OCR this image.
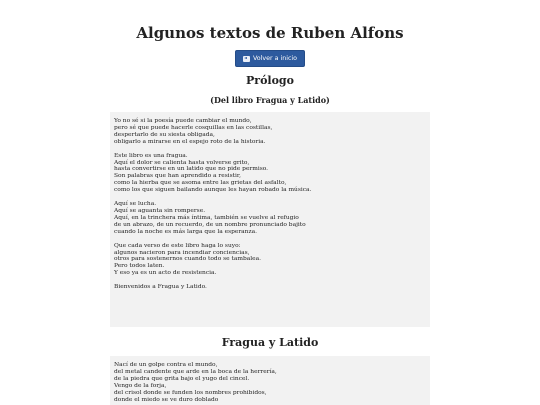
Algunos textos de Ruben Alfons
Volver a inicio
Prólogo
(Del libro Fragua y Latido)

Yo no sé si la poesía puede cambiar el mundo,
pero sé que puede hacerle cosquillas en las costillas,
despertarlo de su siesta obligada,
obligarlo a mirarse en el espejo roto de la historia.

Este libro es una fragua.
Aquí el dolor se calienta hasta volverse grito,
hasta convertirse en un latido que no pide permiso.
Son palabras que han aprendido a resistir,
como la hierba que se asoma entre las grietas del asfalto,
como los que siguen bailando aunque les hayan robado la música.

Aquí se lucha.
Aquí se aguanta sin romperse.
Aquí, en la trinchera más íntima, también se vuelve al refugio
de un abrazo, de un recuerdo, de un nombre pronunciado bajito
cuando la noche es más larga que la esperanza.

Que cada verso de este libro haga lo suyo:
algunos nacieron para incendiar conciencias,
otros para sostenernos cuando todo se tambalea.
Pero todos laten.
Y eso ya es un acto de resistencia.

Bienvenidos a Fragua y Latido.

Fragua y Latido

Nací de un golpe contra el mundo,
del metal candente que arde en la boca de la herrería,
de la piedra que grita bajo el yugo del cincel.
Vengo de la forja,
del crisol donde se funden los nombres prohibidos,
donde el miedo se ve duro doblado
